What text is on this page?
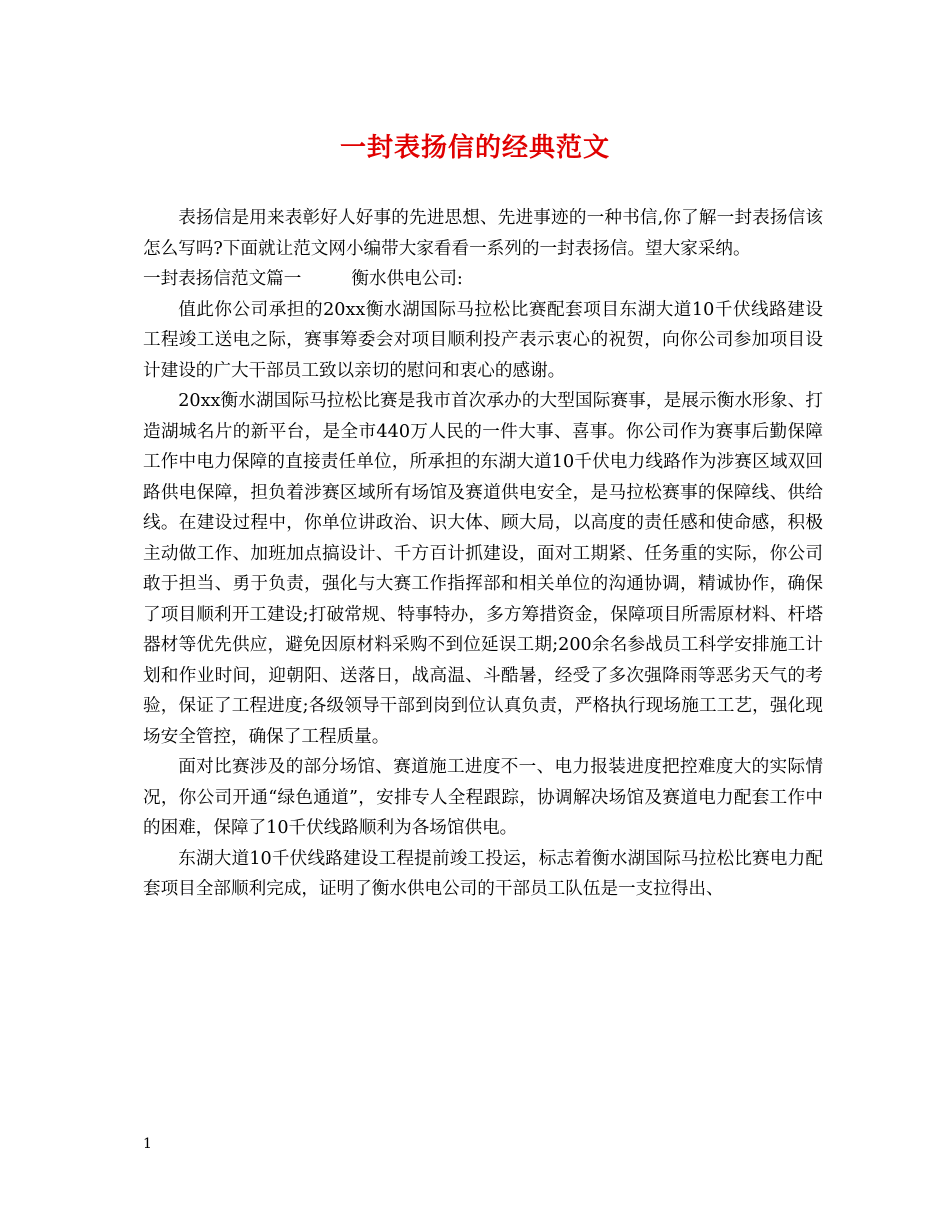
一封表扬信的经典范文

表扬信是用来表彰好人好事的先进思想、先进事迹的一种书信,你了解一封表扬信该怎么写吗?下面就让范文网小编带大家看看一系列的一封表扬信。望大家采纳。

一封表扬信范文篇一	衡水供电公司:

值此你公司承担的20xx衡水湖国际马拉松比赛配套项目东湖大道10千伏线路建设工程竣工送电之际，赛事筹委会对项目顺利投产表示衷心的祝贺，向你公司参加项目设计建设的广大干部员工致以亲切的慰问和衷心的感谢。

20xx衡水湖国际马拉松比赛是我市首次承办的大型国际赛事，是展示衡水形象、打造湖城名片的新平台，是全市440万人民的一件大事、喜事。你公司作为赛事后勤保障工作中电力保障的直接责任单位，所承担的东湖大道10千伏电力线路作为涉赛区域双回路供电保障，担负着涉赛区域所有场馆及赛道供电安全，是马拉松赛事的保障线、供给线。在建设过程中，你单位讲政治、识大体、顾大局，以高度的责任感和使命感，积极主动做工作、加班加点搞设计、千方百计抓建设，面对工期紧、任务重的实际，你公司敢于担当、勇于负责，强化与大赛工作指挥部和相关单位的沟通协调，精诚协作，确保了项目顺利开工建设;打破常规、特事特办，多方筹措资金，保障项目所需原材料、杆塔器材等优先供应，避免因原材料采购不到位延误工期;200余名参战员工科学安排施工计划和作业时间，迎朝阳、送落日，战高温、斗酷暑，经受了多次强降雨等恶劣天气的考验，保证了工程进度;各级领导干部到岗到位认真负责，严格执行现场施工工艺，强化现场安全管控，确保了工程质量。

面对比赛涉及的部分场馆、赛道施工进度不一、电力报装进度把控难度大的实际情况，你公司开通“绿色通道”，安排专人全程跟踪，协调解决场馆及赛道电力配套工作中的困难，保障了10千伏线路顺利为各场馆供电。

东湖大道10千伏线路建设工程提前竣工投运，标志着衡水湖国际马拉松比赛电力配套项目全部顺利完成，证明了衡水供电公司的干部员工队伍是一支拉得出、

1
